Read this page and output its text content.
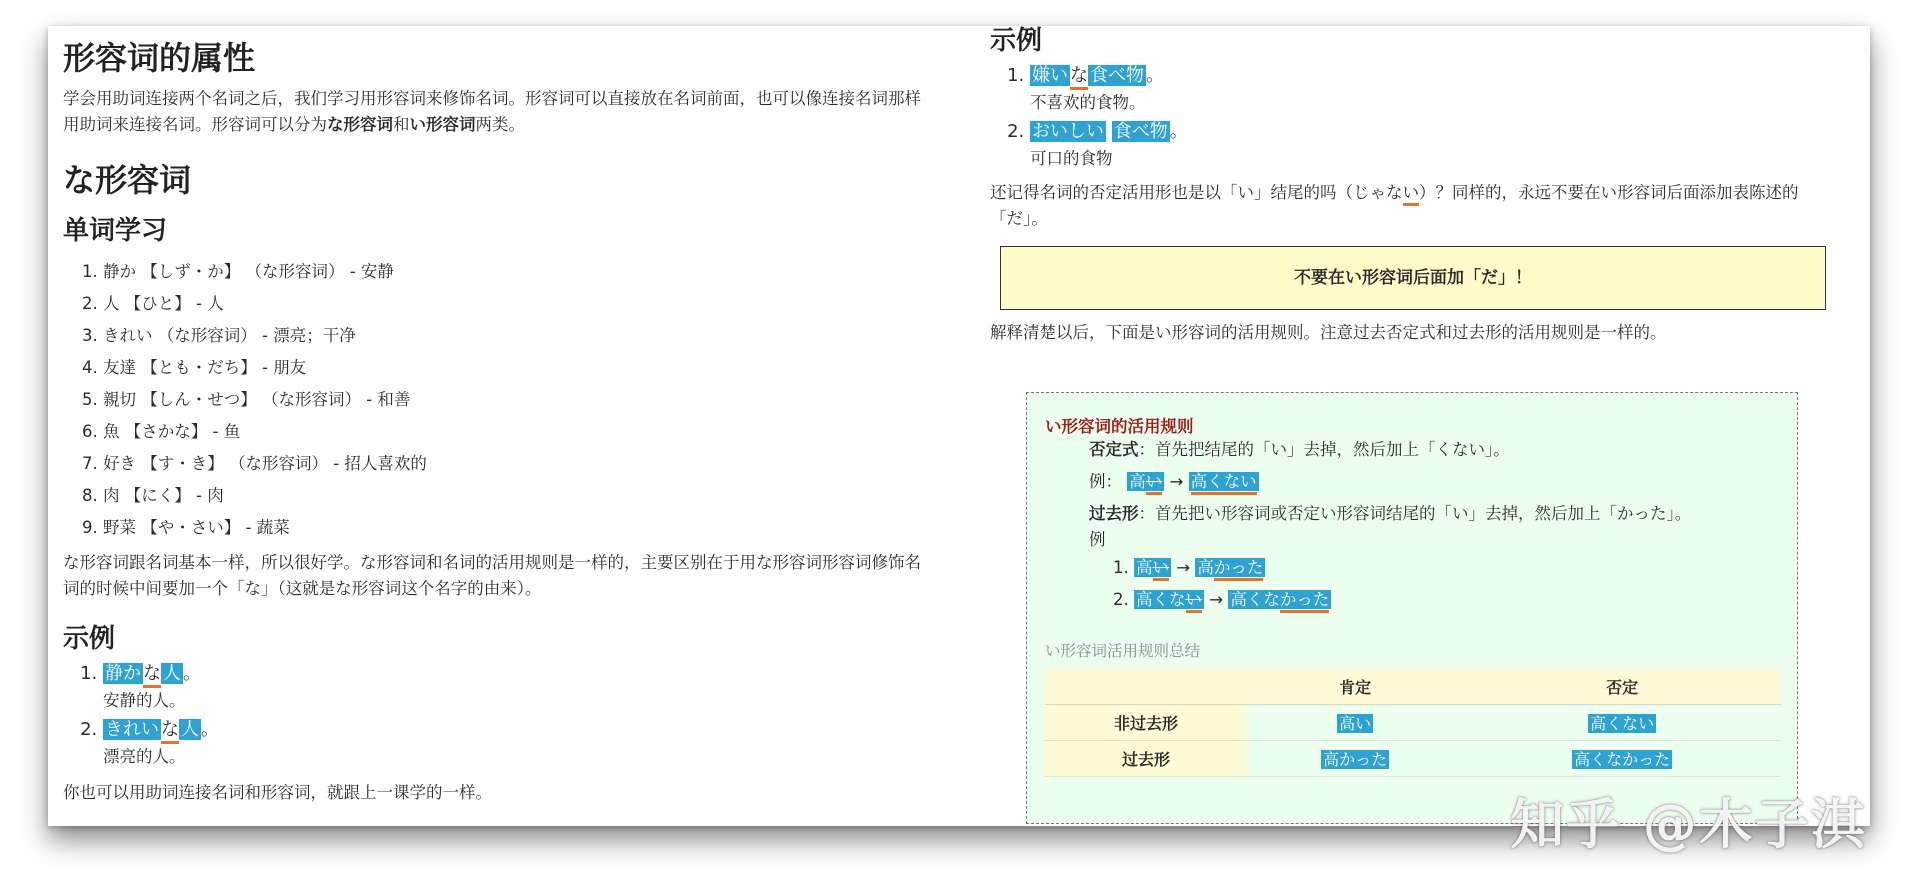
形容词的属性

学会用助词连接两个名词之后，我们学习用形容词来修饰名词。形容词可以直接放在名词前面，也可以像连接名词那样用助词来连接名词。形容词可以分为な形容词和い形容词两类。

な形容词
单词学习
1. 静か 【しず・か】 （な形容词） - 安静
2. 人 【ひと】 - 人
3. きれい （な形容词） - 漂亮；干净
4. 友達 【とも・だち】 - 朋友
5. 親切 【しん・せつ】 （な形容词） - 和善
6. 魚 【さかな】 - 鱼
7. 好き 【す・き】 （な形容词） - 招人喜欢的
8. 肉 【にく】 - 肉
9. 野菜 【や・さい】 - 蔬菜

な形容词跟名词基本一样，所以很好学。な形容词和名词的活用规则是一样的，主要区别在于用な形容词形容词修饰名词的时候中间要加一个「な」（这就是な形容词这个名字的由来）。

示例
1. 静か な 人 。
安静的人。
2. きれい な 人 。
漂亮的人。

你也可以用助词连接名词和形容词，就跟上一课学的一样。

示例
1. 嫌い な 食べ物 。
不喜欢的食物。
2. おいしい 食べ物 。
可口的食物

还记得名词的否定活用形也是以「い」结尾的吗（じゃない）？同样的，永远不要在い形容词后面添加表陈述的「だ」。

不要在い形容词后面加「だ」！

解释清楚以后，下面是い形容词的活用规则。注意过去否定式和过去形的活用规则是一样的。

い形容词的活用规则
否定式：首先把结尾的「い」去掉，然后加上「くない」。
例： 高い → 高くない
过去形：首先把い形容词或否定い形容词结尾的「い」去掉，然后加上「かった」。
例
1. 高い → 高かった
2. 高くない → 高くなかった
い形容词活用规则总结
	肯定	否定
非过去形	高い	高くない
过去形	高かった	高くなかった
知乎 @木子淇
